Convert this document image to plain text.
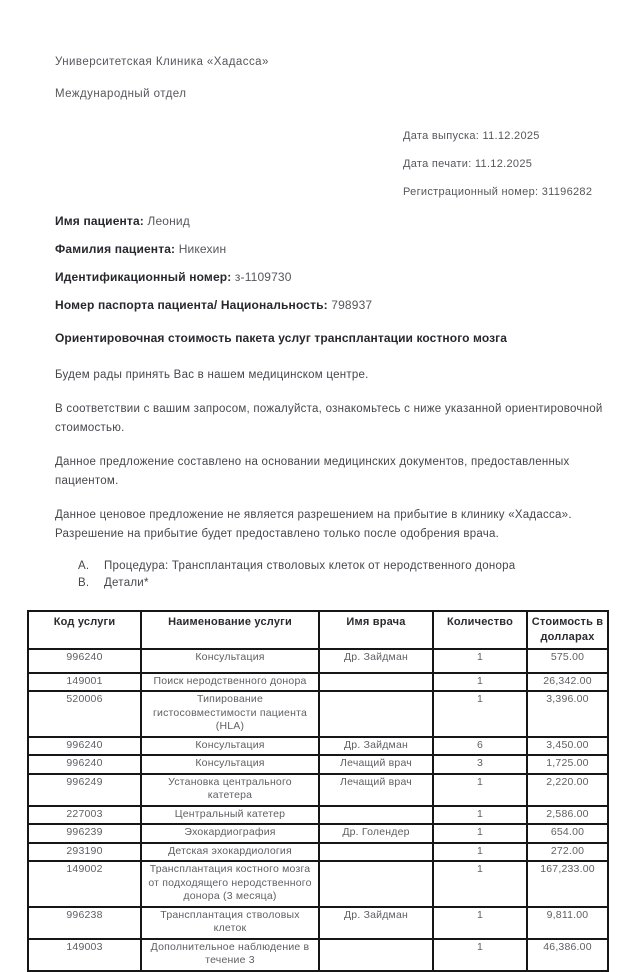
Университетская Клиника «Хадасса»
Международный отдел
Дата выпуска: 11.12.2025
Дата печати: 11.12.2025
Регистрационный номер: 31196282
Имя пациента: Леонид
Фамилия пациента: Никехин
Идентификационный номер: з-1109730
Номер паспорта пациента/ Национальность: 798937
Ориентировочная стоимость пакета услуг трансплантации костного мозга

Будем рады принять Вас в нашем медицинском центре.

В соответствии с вашим запросом, пожалуйста, ознакомьтесь с ниже указанной ориентировочной стоимостью.

Данное предложение составлено на основании медицинских документов, предоставленных пациентом.

Данное ценовое предложение не является разрешением на прибытие в клинику «Хадасса». Разрешение на прибытие будет предоставлено только после одобрения врача.

A.	Процедура: Трансплантация стволовых клеток от неродственного донора
B.	Детали*
Код услуги	Наименование услуги	Имя врача	Количество	Стоимость в долларах
996240	Консультация	Др. Зайдман	1	575.00
149001	Поиск неродственного донора		1	26,342.00
520006	Типирование гистосовместимости пациента (HLA)		1	3,396.00
996240	Консультация	Др. Зайдман	6	3,450.00
996240	Консультация	Лечащий врач	3	1,725.00
996249	Установка центрального катетера	Лечащий врач	1	2,220.00
227003	Центральный катетер		1	2,586.00
996239	Эхокардиография	Др. Голендер	1	654.00
293190	Детская эхокардиология		1	272.00
149002	Трансплантация костного мозга от подходящего неродственного донора (3 месяца)		1	167,233.00
996238	Трансплантация стволовых клеток	Др. Зайдман	1	9,811.00
149003	Дополнительное наблюдение в течение 3		1	46,386.00
